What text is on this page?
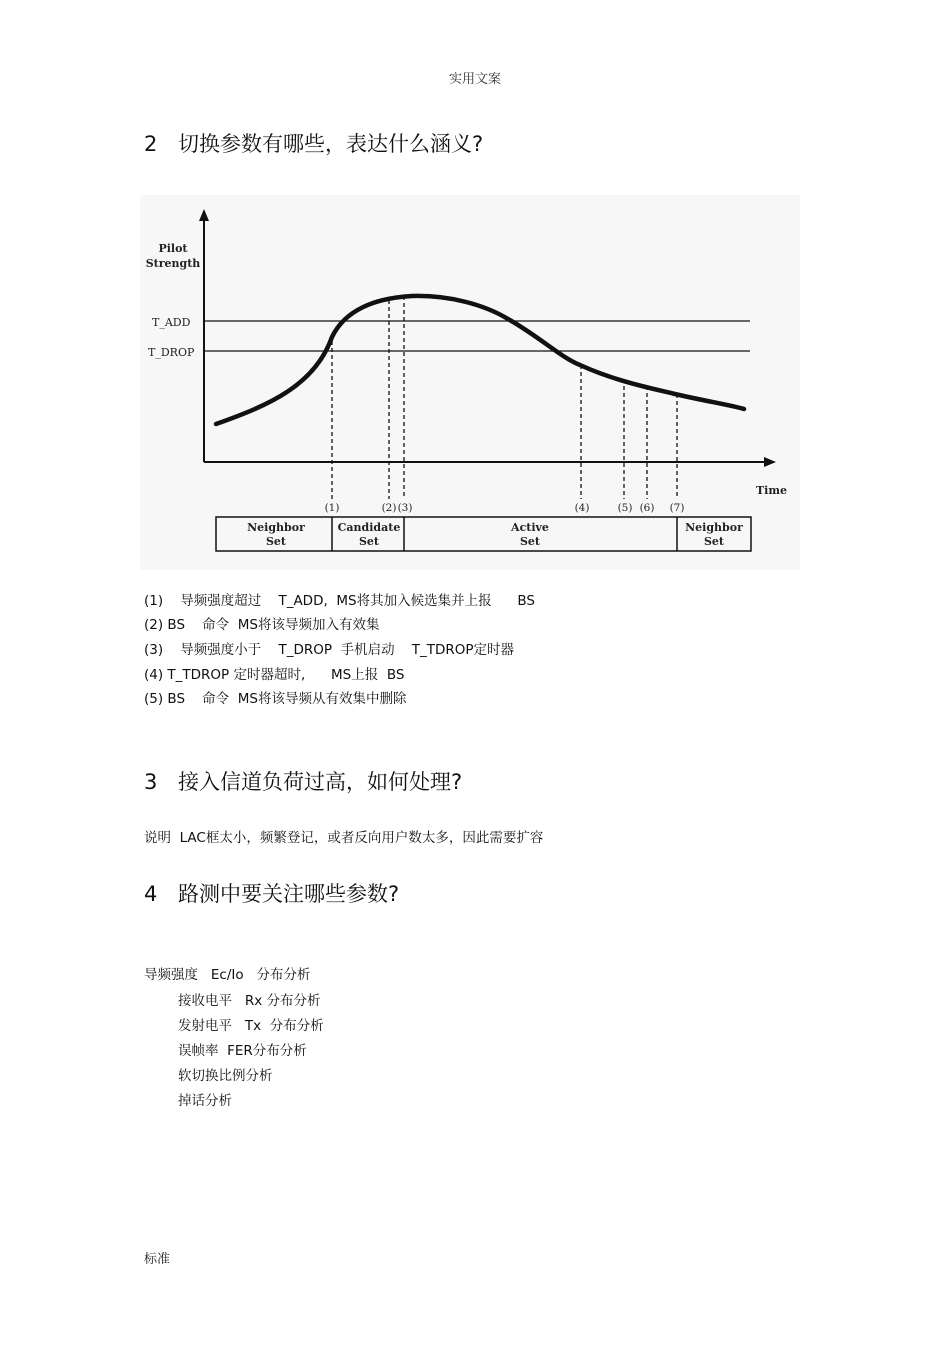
实用文案
2 切换参数有哪些，表达什么涵义?
Pilot
Strength
Time
T_ADD
T_DROP
(1)	(2) (3)	(4)	(5) (6) (7)
Neighbor
Set
Candidate
Set
Active
Set
Neighbor
Set
(1)    导频强度超过    T_ADD,  MS将其加入候选集并上报      BS
(2) BS    命令  MS将该导频加入有效集
(3)    导频强度小于    T_DROP  手机启动    T_TDROP定时器
(4) T_TDROP 定时器超时,      MS上报  BS
(5) BS    命令  MS将该导频从有效集中删除
3 接入信道负荷过高，如何处理?
说明  LAC框太小，频繁登记，或者反向用户数太多，因此需要扩容
4 路测中要关注哪些参数?
导频强度   Ec/Io   分布分析
接收电平   Rx 分布分析
发射电平   Tx  分布分析
误帧率  FER分布分析
软切换比例分析
掉话分析
标准
